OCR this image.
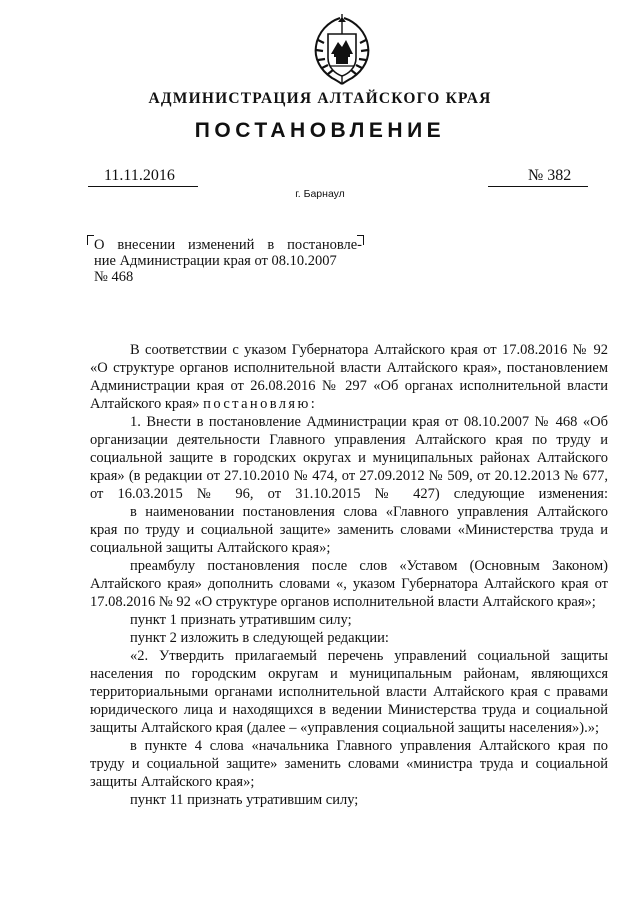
АДМИНИСТРАЦИЯ АЛТАЙСКОГО КРАЯ
ПОСТАНОВЛЕНИЕ
11.11.2016	№ 382
г. Барнаул
О внесении изменений в постановле-
ние Администрации края от 08.10.2007
№ 468

В соответствии с указом Губернатора Алтайского края от 17.08.2016 № 92 «О структуре органов исполнительной власти Алтайского края», постановлением Администрации края от 26.08.2016 № 297 «Об органах исполнительной власти Алтайского края» постановляю:

1. Внести в постановление Администрации края от 08.10.2007 № 468 «Об организации деятельности Главного управления Алтайского края по труду и социальной защите в городских округах и муниципальных районах Алтайского края» (в редакции от 27.10.2010 № 474, от 27.09.2012 № 509, от 20.12.2013 № 677, от 16.03.2015 № 96, от 31.10.2015 № 427) следующие изменения:

в наименовании постановления слова «Главного управления Алтайского края по труду и социальной защите» заменить словами «Министерства труда и социальной защиты Алтайского края»;

преамбулу постановления после слов «Уставом (Основным Законом) Алтайского края» дополнить словами «, указом Губернатора Алтайского края от 17.08.2016 № 92 «О структуре органов исполнительной власти Алтайского края»;

пункт 1 признать утратившим силу;

пункт 2 изложить в следующей редакции:

«2. Утвердить прилагаемый перечень управлений социальной защиты населения по городским округам и муниципальным районам, являющихся территориальными органами исполнительной власти Алтайского края с правами юридического лица и находящихся в ведении Министерства труда и социальной защиты Алтайского края (далее – «управления социальной защиты населения»).»;

в пункте 4 слова «начальника Главного управления Алтайского края по труду и социальной защите» заменить словами «министра труда и социальной защиты Алтайского края»;

пункт 11 признать утратившим силу;
